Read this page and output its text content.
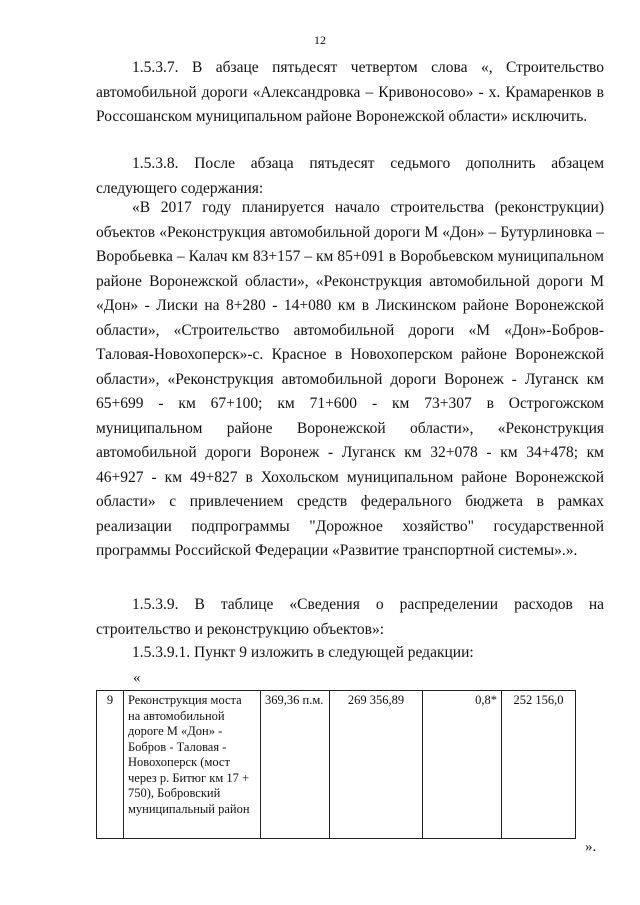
12

1.5.3.7. В абзаце пятьдесят четвертом слова «, Строительство автомобильной дороги «Александровка – Кривоносово» - х. Крамаренков в Россошанском муниципальном районе Воронежской области» исключить.

1.5.3.8. После абзаца пятьдесят седьмого дополнить абзацем следующего содержания:

«В 2017 году планируется начало строительства (реконструкции) объектов «Реконструкция автомобильной дороги М «Дон» – Бутурлиновка – Воробьевка – Калач км 83+157 – км 85+091 в Воробьевском муниципальном районе Воронежской области», «Реконструкция автомобильной дороги М «Дон» - Лиски на 8+280 - 14+080 км в Лискинском районе Воронежской области», «Строительство автомобильной дороги «М «Дон»-Бобров-Таловая-Новохоперск»-с. Красное в Новохоперском районе Воронежской области», «Реконструкция автомобильной дороги Воронеж - Луганск км 65+699 - км 67+100; км 71+600 - км 73+307 в Острогожском муниципальном районе Воронежской области», «Реконструкция автомобильной дороги Воронеж - Луганск км 32+078 - км 34+478; км 46+927 - км 49+827 в Хохольском муниципальном районе Воронежской области» с привлечением средств федерального бюджета в рамках реализации подпрограммы "Дорожное хозяйство" государственной программы Российской Федерации «Развитие транспортной системы».».

1.5.3.9. В таблице «Сведения о распределении расходов на строительство и реконструкцию объектов»:

1.5.3.9.1. Пункт 9 изложить в следующей редакции:

«
9	Реконструкция моста на автомобильной дороге М «Дон» - Бобров - Таловая - Новохоперск (мост через р. Битюг км 17 + 750), Бобровский муниципальный район	369,36 п.м.	269 356,89	0,8*	252 156,0
».
